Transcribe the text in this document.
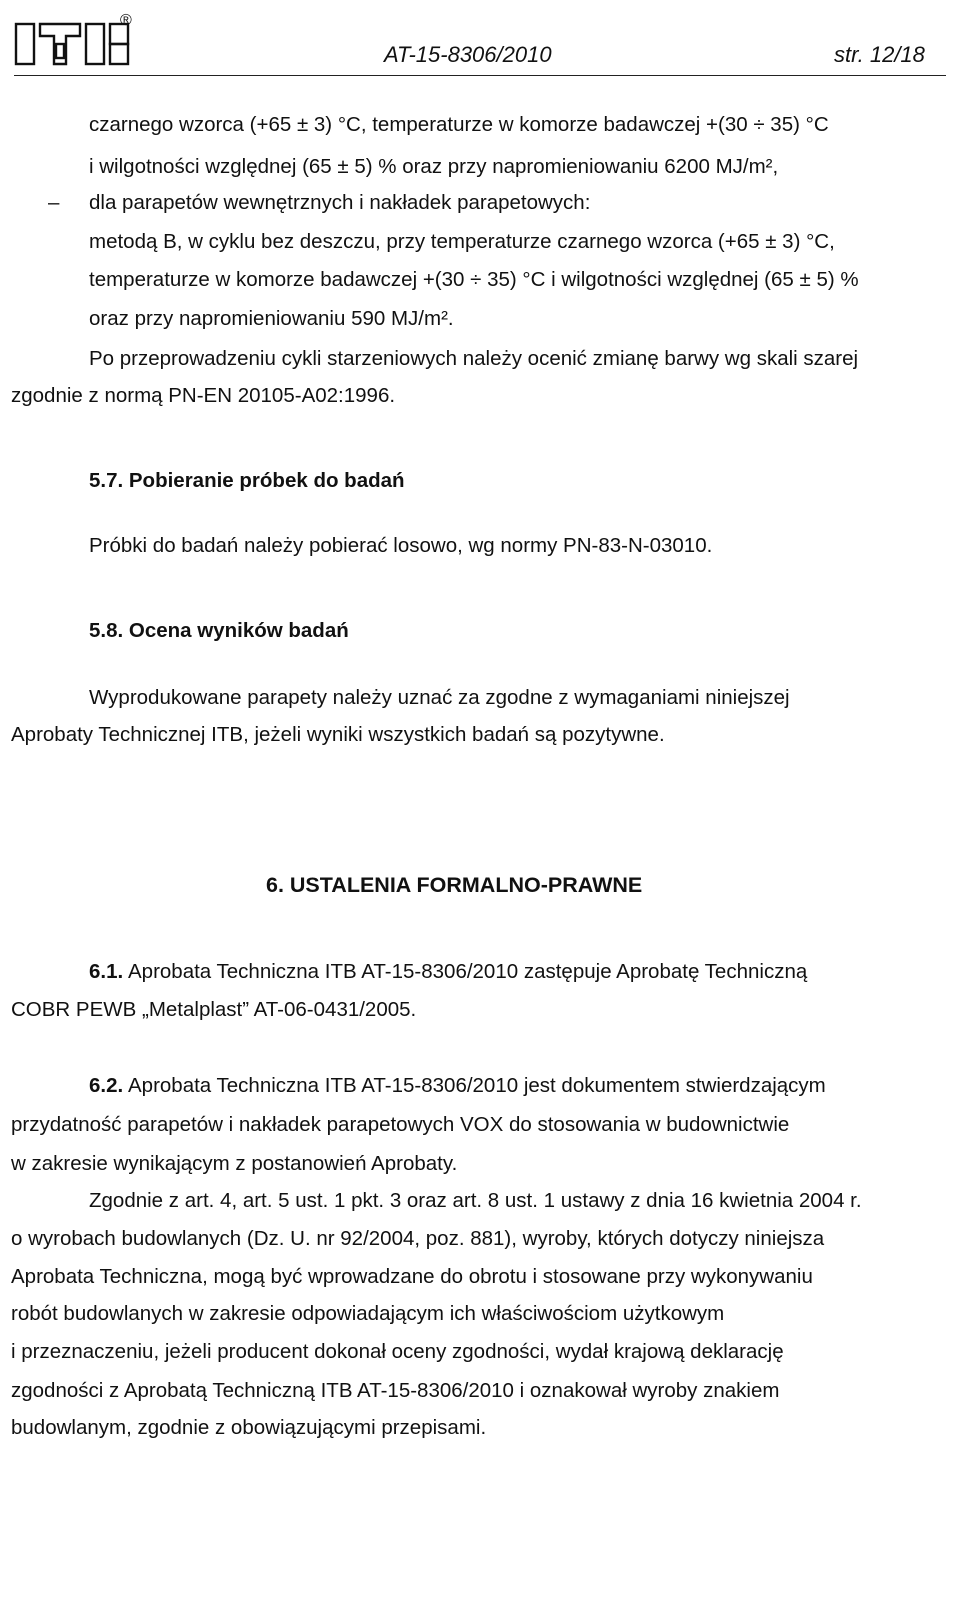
®
AT-15-8306/2010	str. 12/18
czarnego wzorca (+65 ± 3) °C, temperaturze w komorze badawczej +(30 ÷ 35) °C
i wilgotności względnej (65 ± 5) % oraz przy napromieniowaniu 6200 MJ/m²,
– dla parapetów wewnętrznych i nakładek parapetowych:
metodą B, w cyklu bez deszczu, przy temperaturze czarnego wzorca (+65 ± 3) °C,
temperaturze w komorze badawczej +(30 ÷ 35) °C i wilgotności względnej (65 ± 5) %
oraz przy napromieniowaniu 590 MJ/m².
Po przeprowadzeniu cykli starzeniowych należy ocenić zmianę barwy wg skali szarej
zgodnie z normą PN-EN 20105-A02:1996.
5.7. Pobieranie próbek do badań
Próbki do badań należy pobierać losowo, wg normy PN-83-N-03010.
5.8. Ocena wyników badań
Wyprodukowane parapety należy uznać za zgodne z wymaganiami niniejszej
Aprobaty Technicznej ITB, jeżeli wyniki wszystkich badań są pozytywne.
6. USTALENIA FORMALNO-PRAWNE
6.1. Aprobata Techniczna ITB AT-15-8306/2010 zastępuje Aprobatę Techniczną
COBR PEWB „Metalplast” AT-06-0431/2005.
6.2. Aprobata Techniczna ITB AT-15-8306/2010 jest dokumentem stwierdzającym
przydatność parapetów i nakładek parapetowych VOX do stosowania w budownictwie
w zakresie wynikającym z postanowień Aprobaty.
Zgodnie z art. 4, art. 5 ust. 1 pkt. 3 oraz art. 8 ust. 1 ustawy z dnia 16 kwietnia 2004 r.
o wyrobach budowlanych (Dz. U. nr 92/2004, poz. 881), wyroby, których dotyczy niniejsza
Aprobata Techniczna, mogą być wprowadzane do obrotu i stosowane przy wykonywaniu
robót budowlanych w zakresie odpowiadającym ich właściwościom użytkowym
i przeznaczeniu, jeżeli producent dokonał oceny zgodności, wydał krajową deklarację
zgodności z Aprobatą Techniczną ITB AT-15-8306/2010 i oznakował wyroby znakiem
budowlanym, zgodnie z obowiązującymi przepisami.
